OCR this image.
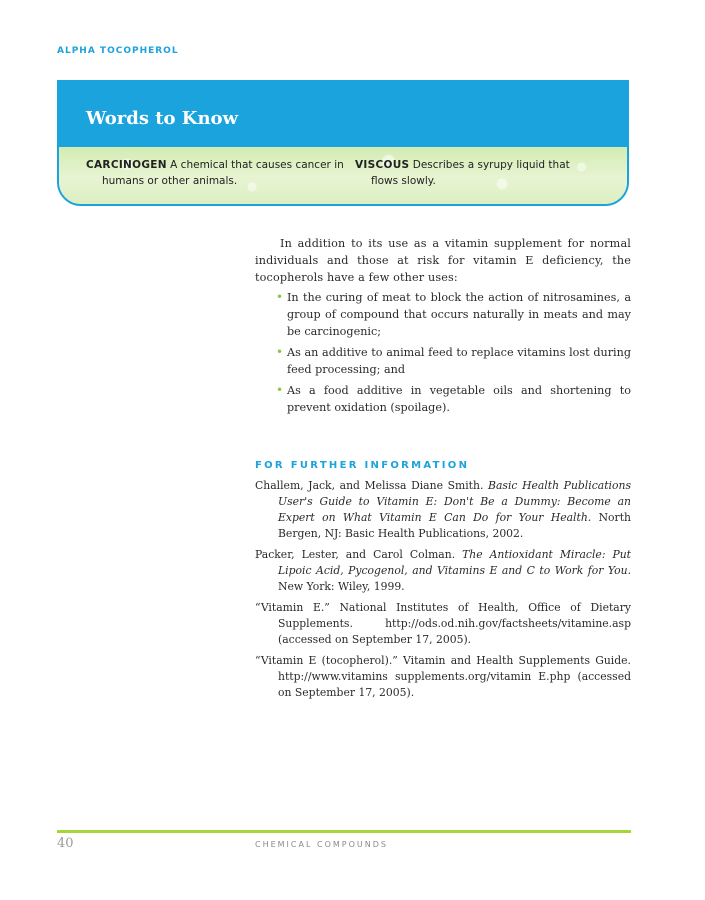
ALPHA TOCOPHEROL
Words to Know
CARCINOGEN A chemical that causes cancer in humans or other animals.
VISCOUS Describes a syrupy liquid that flows slowly.

In addition to its use as a vitamin supplement for normal individuals and those at risk for vitamin E deficiency, the tocopherols have a few other uses:

• In the curing of meat to block the action of nitrosamines, a group of compound that occurs naturally in meats and may be carcinogenic;
• As an additive to animal feed to replace vitamins lost during feed processing; and
• As a food additive in vegetable oils and shortening to prevent oxidation (spoilage).
FOR FURTHER INFORMATION
Challem, Jack, and Melissa Diane Smith. Basic Health Publications User's Guide to Vitamin E: Don't Be a Dummy: Become an Expert on What Vitamin E Can Do for Your Health. North Bergen, NJ: Basic Health Publications, 2002.
Packer, Lester, and Carol Colman. The Antioxidant Miracle: Put Lipoic Acid, Pycogenol, and Vitamins E and C to Work for You. New York: Wiley, 1999.
“Vitamin E.” National Institutes of Health, Office of Dietary Supplements. http://ods.od.nih.gov/factsheets/vitamine.asp (accessed on September 17, 2005).
“Vitamin E (tocopherol).” Vitamin and Health Supplements Guide. http://www.vitamins supplements.org/vitamin E.php (accessed on September 17, 2005).
40	CHEMICAL COMPOUNDS
